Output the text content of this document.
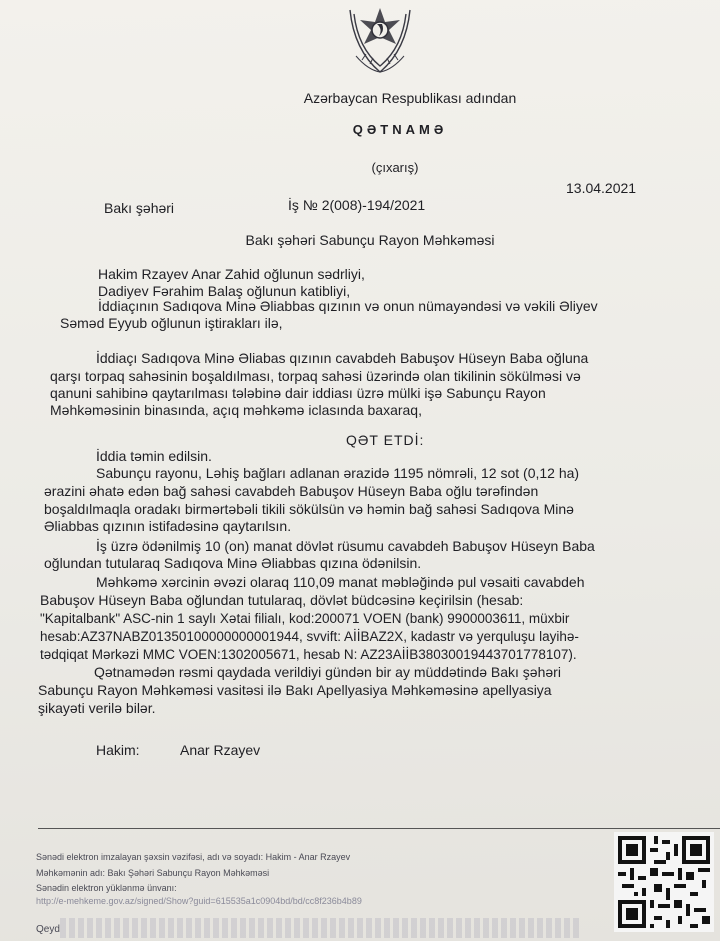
Azərbaycan Respublikası adından
QƏTNAMƏ
(çıxarış)
Bakı şəhəri	İş № 2(008)-194/2021
13.04.2021
Bakı şəhəri Sabunçu Rayon Məhkəməsi
Hakim Rzayev Anar Zahid oğlunun sədrliyi,
Dadiyev Fərahim Balaş oğlunun katibliyi,
İddiaçının Sadıqova Minə Əliabbas qızının və onun nümayəndəsi və vəkili Əliyev
Səməd Eyyub oğlunun iştirakları ilə,
İddiaçı Sadıqova Minə Əliabas qızının cavabdeh Babuşov Hüseyn Baba oğluna
qarşı torpaq sahəsinin boşaldılması, torpaq sahəsi üzərində olan tikilinin sökülməsi və
qanuni sahibinə qaytarılması tələbinə dair iddiası üzrə mülki işə Sabunçu Rayon
Məhkəməsinin binasında, açıq məhkəmə iclasında baxaraq,
QƏT ETDİ:
İddia təmin edilsin.
Sabunçu rayonu, Ləhiş bağları adlanan ərazidə 1195 nömrəli, 12 sot (0,12 ha)
ərazini əhatə edən bağ sahəsi cavabdeh Babuşov Hüseyn Baba oğlu tərəfindən
boşaldılmaqla oradakı birmərtəbəli tikili sökülsün və həmin bağ sahəsi Sadıqova Minə
Əliabbas qızının istifadəsinə qaytarılsın.
İş üzrə ödənilmiş 10 (on) manat dövlət rüsumu cavabdeh Babuşov Hüseyn Baba
oğlundan tutularaq Sadıqova Minə Əliabbas qızına ödənilsin.
Məhkəmə xərcinin əvəzi olaraq 110,09 manat məbləğində pul vəsaiti cavabdeh
Babuşov Hüseyn Baba oğlundan tutularaq, dövlət büdcəsinə keçirilsin (hesab:
"Kapitalbank" ASC-nin 1 saylı Xətai filialı, kod:200071 VOEN (bank) 9900003611, müxbir
hesab:AZ37NABZ01350100000000001944, svvift: AİİBAZ2X, kadastr və yerquluşu layihə-
tədqiqat Mərkəzi MMC VOEN:1302005671, hesab N: AZ23AİİB38030019443701778107).
Qətnamədən rəsmi qaydada verildiyi gündən bir ay müddətində Bakı şəhəri
Sabunçu Rayon Məhkəməsi vasitəsi ilə Bakı Apellyasiya Məhkəməsinə apellyasiya
şikayəti verilə bilər.
Hakim:	Anar Rzayev
Sənədi elektron imzalayan şəxsin vəzifəsi, adı və soyadı: Hakim - Anar Rzayev
Məhkəmənin adı: Bakı Şəhəri Sabunçu Rayon Məhkəməsi
Sənədin elektron yüklənmə ünvanı:
http://e-mehkeme.gov.az/signed/Show?guid=615535a1c0904bd/bd/cc8f236b4b89
Qeyd
